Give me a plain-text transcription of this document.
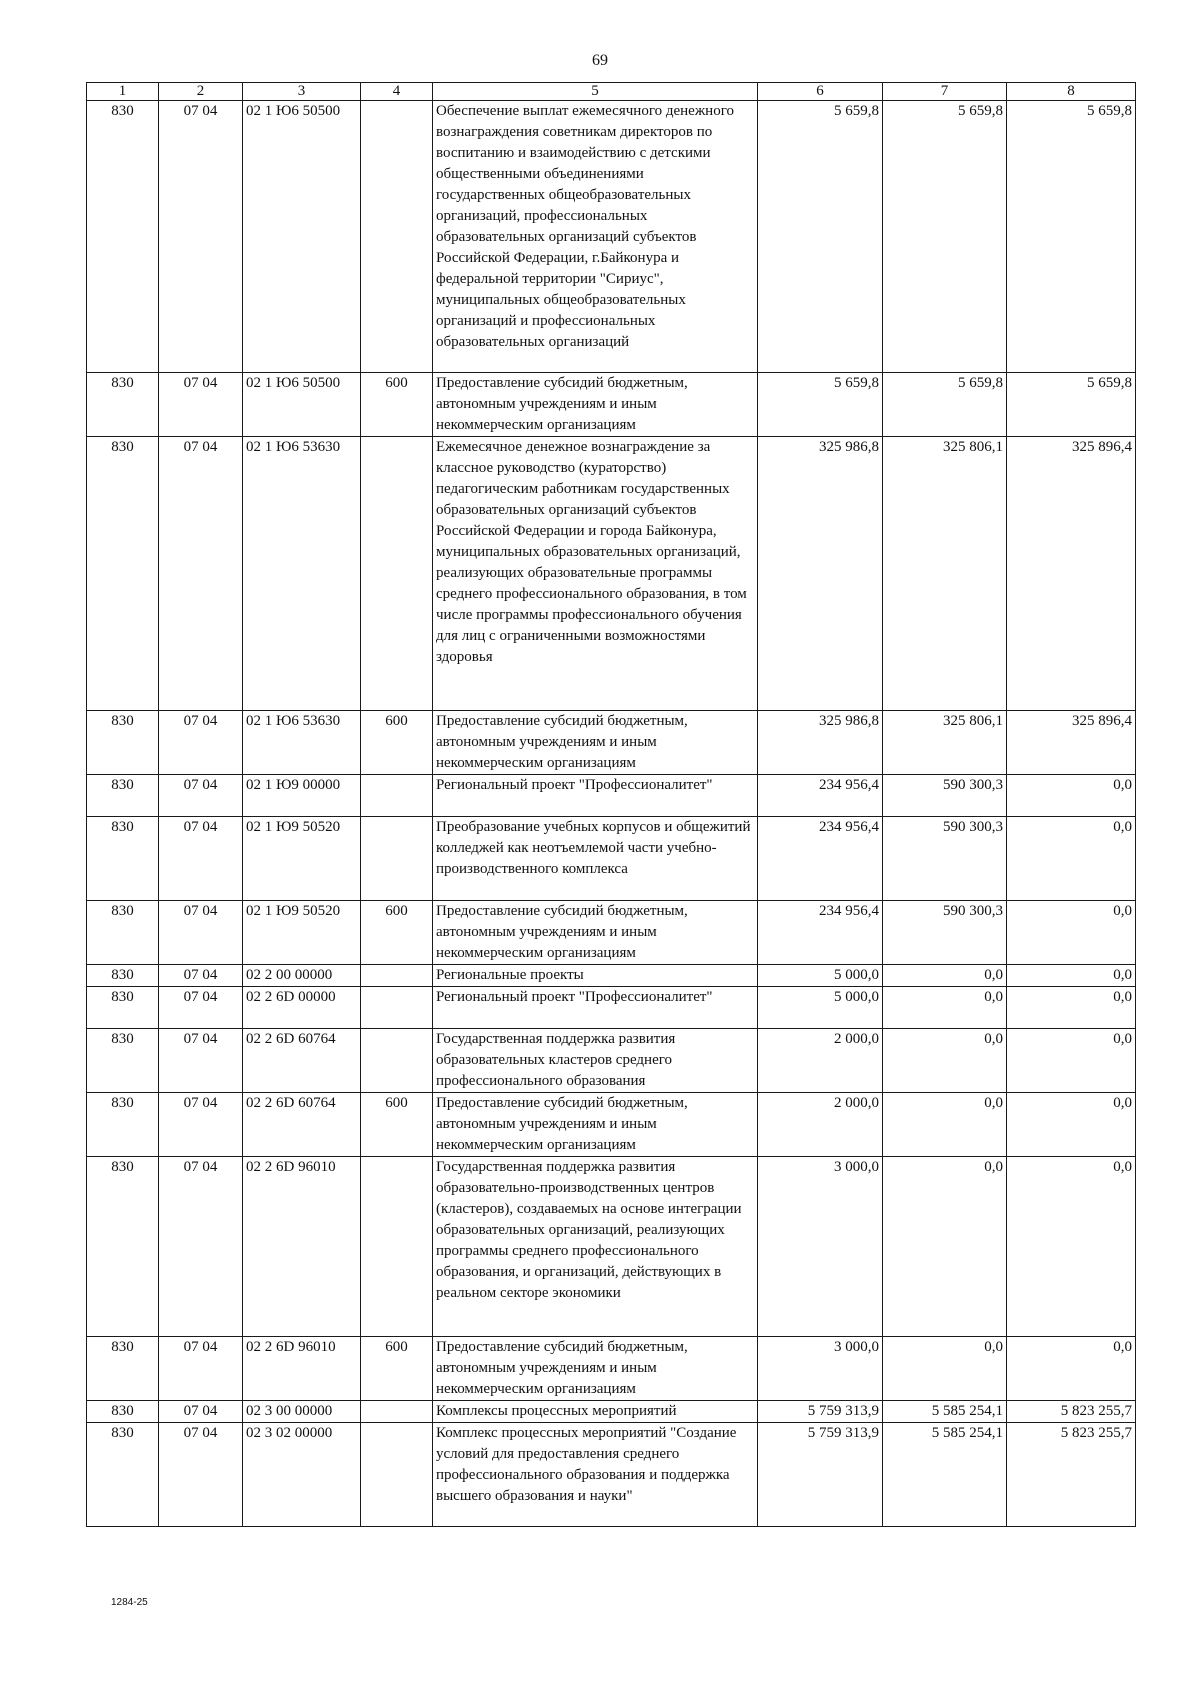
69
1	2	3	4	5	6	7	8
830	07 04	02 1 Ю6 50500		Обеспечение выплат ежемесячного денежного вознаграждения советникам директоров по воспитанию и взаимодействию с детскими общественными объединениями государственных общеобразовательных организаций, профессиональных образовательных организаций субъектов Российской Федерации, г.Байконура и федеральной территории "Сириус", муниципальных общеобразовательных организаций и профессиональных образовательных организаций	5 659,8	5 659,8	5 659,8
830	07 04	02 1 Ю6 50500	600	Предоставление субсидий бюджетным, автономным учреждениям и иным некоммерческим организациям	5 659,8	5 659,8	5 659,8
830	07 04	02 1 Ю6 53630		Ежемесячное денежное вознаграждение за классное руководство (кураторство) педагогическим работникам государственных образовательных организаций субъектов Российской Федерации и города Байконура, муниципальных образовательных организаций, реализующих образовательные программы среднего профессионального образования, в том числе программы профессионального обучения для лиц с ограниченными возможностями здоровья	325 986,8	325 806,1	325 896,4
830	07 04	02 1 Ю6 53630	600	Предоставление субсидий бюджетным, автономным учреждениям и иным некоммерческим организациям	325 986,8	325 806,1	325 896,4
830	07 04	02 1 Ю9 00000		Региональный проект "Профессионалитет"	234 956,4	590 300,3	0,0
830	07 04	02 1 Ю9 50520		Преобразование учебных корпусов и общежитий колледжей как неотъемлемой части учебно-производственного комплекса	234 956,4	590 300,3	0,0
830	07 04	02 1 Ю9 50520	600	Предоставление субсидий бюджетным, автономным учреждениям и иным некоммерческим организациям	234 956,4	590 300,3	0,0
830	07 04	02 2 00 00000		Региональные проекты	5 000,0	0,0	0,0
830	07 04	02 2 6D 00000		Региональный проект "Профессионалитет"	5 000,0	0,0	0,0
830	07 04	02 2 6D 60764		Государственная поддержка развития образовательных кластеров среднего профессионального образования	2 000,0	0,0	0,0
830	07 04	02 2 6D 60764	600	Предоставление субсидий бюджетным, автономным учреждениям и иным некоммерческим организациям	2 000,0	0,0	0,0
830	07 04	02 2 6D 96010		Государственная поддержка развития образовательно-производственных центров (кластеров), создаваемых на основе интеграции образовательных организаций, реализующих программы среднего профессионального образования, и организаций, действующих в реальном секторе экономики	3 000,0	0,0	0,0
830	07 04	02 2 6D 96010	600	Предоставление субсидий бюджетным, автономным учреждениям и иным некоммерческим организациям	3 000,0	0,0	0,0
830	07 04	02 3 00 00000		Комплексы процессных мероприятий	5 759 313,9	5 585 254,1	5 823 255,7
830	07 04	02 3 02 00000		Комплекс процессных мероприятий "Создание условий для предоставления среднего профессионального образования и поддержка высшего образования и науки"	5 759 313,9	5 585 254,1	5 823 255,7
1284-25
